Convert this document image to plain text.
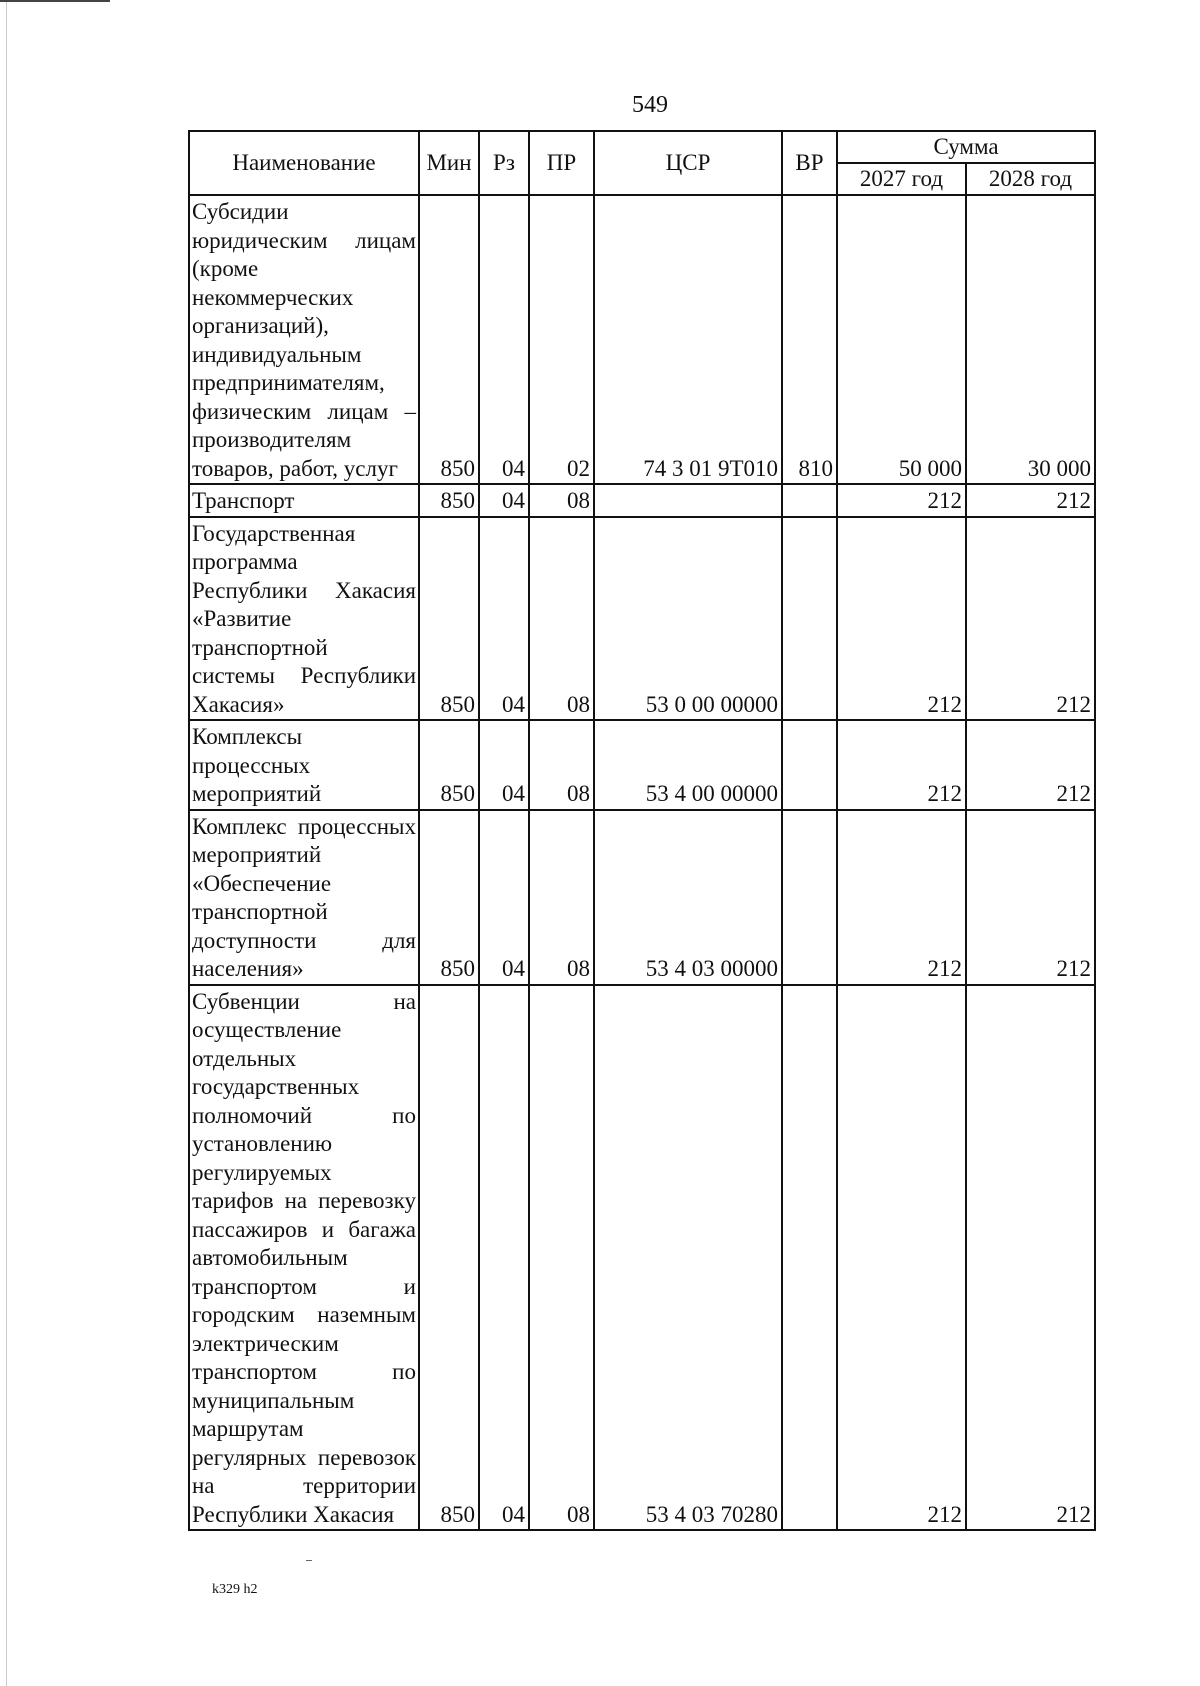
549
Наименование	Мин	Рз	ПР	ЦСР	ВР	Сумма	
						2027 год	2028 год
Субсидии юридическим лицам (кроме некоммерческих организаций), индивидуальным предпринимателям, физическим лицам – производителям товаров, работ, услуг	850	04	02	74 3 01 9Т010	810	50 000	30 000
Транспорт	850	04	08			212	212
Государственная программа Республики Хакасия «Развитие транспортной системы Республики Хакасия»	850	04	08	53 0 00 00000		212	212
Комплексы процессных мероприятий	850	04	08	53 4 00 00000		212	212
Комплекс процессных мероприятий «Обеспечение транспортной доступности для населения»	850	04	08	53 4 03 00000		212	212
Субвенции на осуществление отдельных государственных полномочий по установлению регулируемых тарифов на перевозку пассажиров и багажа автомобильным транспортом и городским наземным электрическим транспортом по муниципальным маршрутам регулярных перевозок на территории Республики Хакасия	850	04	08	53 4 03 70280		212	212
k329 h2
